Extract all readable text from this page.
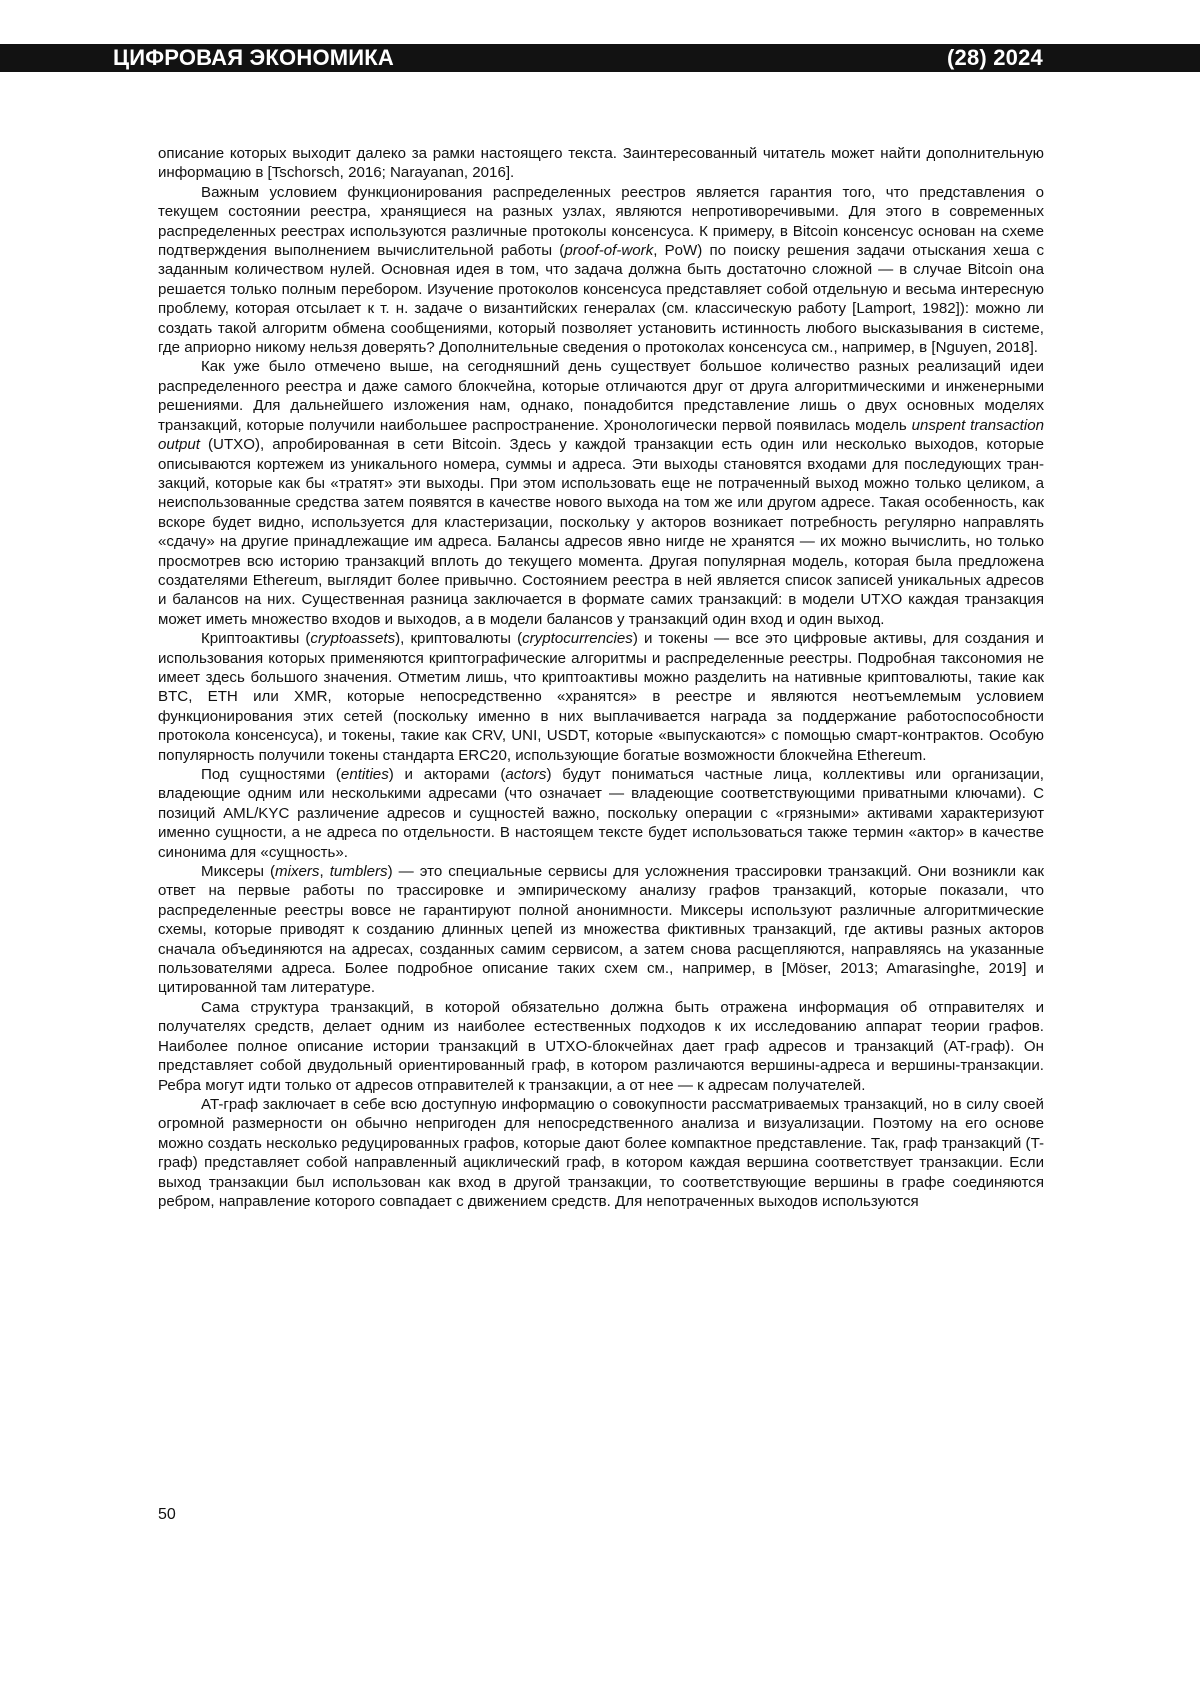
ЦИФРОВАЯ ЭКОНОМИКА	(28) 2024

описание которых выходит далеко за рамки настоящего текста. Заинтересованный читатель может найти дополнительную информацию в [Tschorsch, 2016; Narayanan, 2016].

Важным условием функционирования распределенных реестров является гарантия того, что пред­ставления о текущем состоянии реестра, хранящиеся на разных узлах, являются непротиворечивыми. Для этого в современных распределенных реестрах используются различные протоколы консенсуса. К примеру, в Bitcoin консенсус основан на схеме подтверждения выполнением вычислительной работы (proof-of-work, PoW) по поиску решения задачи отыскания хеша с заданным количеством нулей. Основ­ная идея в том, что задача должна быть достаточно сложной — в случае Bitcoin она решается только полным перебором. Изучение протоколов консенсуса представляет собой отдельную и весьма интерес­ную проблему, которая отсылает к т. н. задаче о византийских генералах (см. классическую работу [Lamport, 1982]): можно ли создать такой алгоритм обмена сообщениями, который позволяет установить истинность любого высказывания в системе, где априорно никому нельзя доверять? Дополнительные сведения о протоколах консенсуса см., например, в [Nguyen, 2018].

Как уже было отмечено выше, на сегодняшний день существует большое количество разных реа­лизаций идеи распределенного реестра и даже самого блокчейна, которые отличаются друг от друга алгоритмическими и инженерными решениями. Для дальнейшего изложения нам, однако, понадобится представление лишь о двух основных моделях транзакций, которые получили наибольшее распростра­нение. Хронологически первой появилась модель unspent transaction output (UTXO), апробированная в сети Bitcoin. Здесь у каждой транзакции есть один или несколько выходов, которые описываются корте­жем из уникального номера, суммы и адреса. Эти выходы становятся входами для последующих тран­закций, которые как бы «тратят» эти выходы. При этом использовать еще не потраченный выход можно только целиком, а неиспользованные средства затем появятся в качестве нового выхода на том же или другом адресе. Такая особенность, как вскоре будет видно, используется для кластеризации, поскольку у акторов возникает потребность регулярно направлять «сдачу» на другие принадлежащие им адреса. Балансы адресов явно нигде не хранятся — их можно вычислить, но только просмотрев всю историю транзакций вплоть до текущего момента. Другая популярная модель, которая была предложена созда­телями Ethereum, выглядит более привычно. Состоянием реестра в ней является список записей уни­кальных адресов и балансов на них. Существенная разница заключается в формате самих транзакций: в модели UTXO каждая транзакция может иметь множество входов и выходов, а в модели балансов у транзакций один вход и один выход.

Криптоактивы (cryptoassets), криптовалюты (cryptocurrencies) и токены — все это цифровые активы, для создания и использования которых применяются криптографические алгоритмы и распределенные реестры. Подробная таксономия не имеет здесь большого значения. Отметим лишь, что криптоактивы можно разделить на нативные криптовалюты, такие как BTC, ETH или XMR, которые непосредственно «хранятся» в реестре и являются неотъемлемым условием функционирования этих сетей (поскольку именно в них выплачивается награда за поддержание работоспособности протокола консенсуса), и то­кены, такие как CRV, UNI, USDT, которые «выпускаются» с помощью смарт-контрактов. Особую попу­лярность получили токены стандарта ERC20, использующие богатые возможности блокчейна Ethereum.

Под сущностями (entities) и акторами (actors) будут пониматься частные лица, коллективы или ор­ганизации, владеющие одним или несколькими адресами (что означает — владеющие соответствую­щими приватными ключами). С позиций AML/KYC различение адресов и сущностей важно, поскольку операции с «грязными» активами характеризуют именно сущности, а не адреса по отдельности. В насто­ящем тексте будет использоваться также термин «актор» в качестве синонима для «сущность».

Миксеры (mixers, tumblers) — это специальные сервисы для усложнения трассировки транзакций. Они возникли как ответ на первые работы по трассировке и эмпирическому анализу графов транзакций, которые показали, что распределенные реестры вовсе не гарантируют полной анонимности. Миксеры используют различные алгоритмические схемы, которые приводят к созданию длинных цепей из множе­ства фиктивных транзакций, где активы разных акторов сначала объединяются на адресах, созданных самим сервисом, а затем снова расщепляются, направляясь на указанные пользователями адреса. Бо­лее подробное описание таких схем см., например, в [Möser, 2013; Amarasinghe, 2019] и цитированной там литературе.

Сама структура транзакций, в которой обязательно должна быть отражена информация об отпра­вителях и получателях средств, делает одним из наиболее естественных подходов к их исследованию аппарат теории графов. Наиболее полное описание истории транзакций в UTXO-блокчейнах дает граф адресов и транзакций (AT-граф). Он представляет собой двудольный ориентированный граф, в котором различаются вершины-адреса и вершины-транзакции. Ребра могут идти только от адресов отправите­лей к транзакции, а от нее — к адресам получателей.

AT-граф заключает в себе всю доступную информацию о совокупности рассматриваемых транзак­ций, но в силу своей огромной размерности он обычно непригоден для непосредственного анализа и визуализации. Поэтому на его основе можно создать несколько редуцированных графов, которые дают более компактное представление. Так, граф транзакций (T-граф) представляет собой направленный ациклический граф, в котором каждая вершина соответствует транзакции. Если выход транзакции был использован как вход в другой транзакции, то соответствующие вершины в графе соединяются ребром, направление которого совпадает с движением средств. Для непотраченных выходов используются

50
